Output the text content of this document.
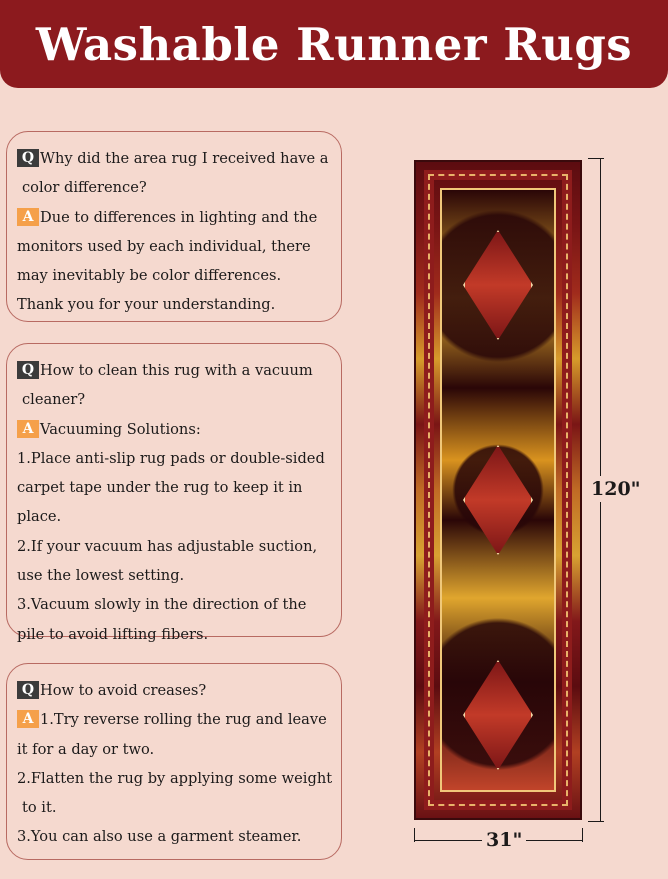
Washable Runner Rugs
Q Why did the area rug I received have a
color difference?
A Due to differences in lighting and the
monitors used by each individual, there
may inevitably be color differences.
Thank you for your understanding.
Q How to clean this rug with a vacuum
cleaner?
A Vacuuming Solutions:
1.Place anti-slip rug pads or double-sided
carpet tape under the rug to keep it in
place.
2.If your vacuum has adjustable suction,
use the lowest setting.
3.Vacuum slowly in the direction of the
pile to avoid lifting fibers.
Q How to avoid creases?
A 1.Try reverse rolling the rug and leave
it for a day or two.
2.Flatten the rug by applying some weight
to it.
3.You can also use a garment steamer.
120"
31"
